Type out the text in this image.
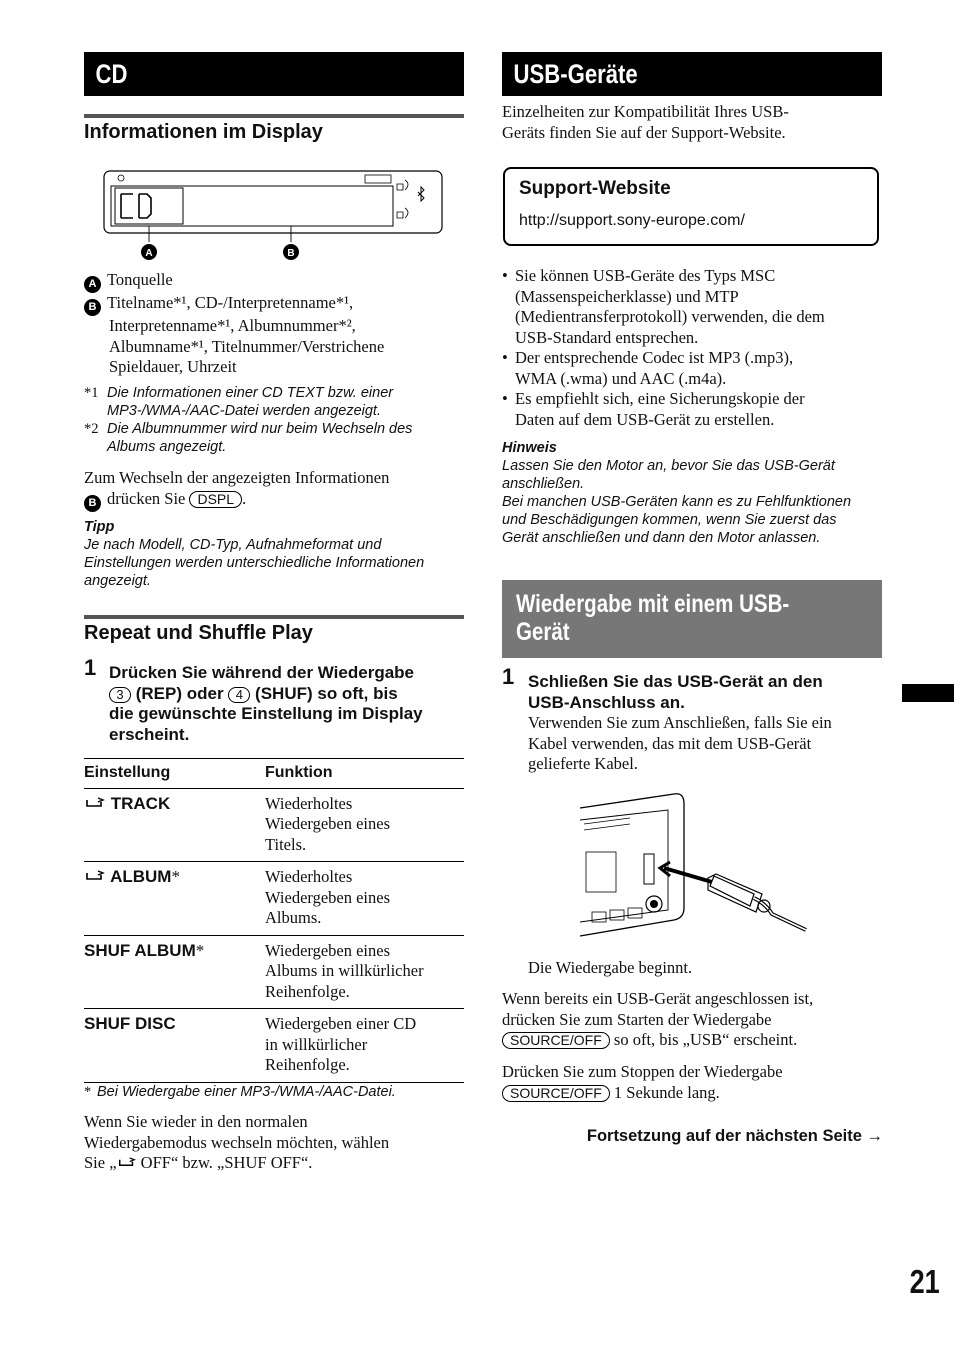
CD
Informationen im Display
A	B
A Tonquelle
B Titelname*¹, CD-/Interpretenname*¹,
Interpretenname*¹, Albumnummer*²,
Albumname*¹, Titelnummer/Verstrichene
Spieldauer, Uhrzeit
*1 Die Informationen einer CD TEXT bzw. einer
MP3-/WMA-/AAC-Datei werden angezeigt.
*2 Die Albumnummer wird nur beim Wechseln des
Albums angezeigt.
Zum Wechseln der angezeigten Informationen
B drücken Sie DSPL .
Tipp
Je nach Modell, CD-Typ, Aufnahmeformat und
Einstellungen werden unterschiedliche Informationen
angezeigt.
Repeat und Shuffle Play
1 Drücken Sie während der Wiedergabe
3 (REP) oder 4 (SHUF) so oft, bis
die gewünschte Einstellung im Display
erscheint.
Einstellung	Funktion
TRACK	Wiederholtes
Wiedergeben eines
Titels.

ALBUM*	Wiederholtes
Wiedergeben eines
Albums.

SHUF ALBUM*	Wiedergeben eines
Albums in willkürlicher
Reihenfolge.

SHUF DISC	Wiedergeben einer CD
in willkürlicher
Reihenfolge.
* Bei Wiedergabe einer MP3-/WMA-/AAC-Datei.
Wenn Sie wieder in den normalen
Wiedergabemodus wechseln möchten, wählen
Sie „ OFF“ bzw. „SHUF OFF“.
USB-Geräte
Einzelheiten zur Kompatibilität Ihres USB-
Geräts finden Sie auf der Support-Website.
Support-Website
http://support.sony-europe.com/
• Sie können USB-Geräte des Typs MSC
(Massenspeicherklasse) und MTP
(Medientransferprotokoll) verwenden, die dem
USB-Standard entsprechen.
• Der entsprechende Codec ist MP3 (.mp3),
WMA (.wma) und AAC (.m4a).
• Es empfiehlt sich, eine Sicherungskopie der
Daten auf dem USB-Gerät zu erstellen.
Hinweis
Lassen Sie den Motor an, bevor Sie das USB-Gerät
anschließen.
Bei manchen USB-Geräten kann es zu Fehlfunktionen
und Beschädigungen kommen, wenn Sie zuerst das
Gerät anschließen und dann den Motor anlassen.
Wiedergabe mit einem USB-
Gerät
1 Schließen Sie das USB-Gerät an den
USB-Anschluss an.
Verwenden Sie zum Anschließen, falls Sie ein
Kabel verwenden, das mit dem USB-Gerät
gelieferte Kabel.
Die Wiedergabe beginnt.
Wenn bereits ein USB-Gerät angeschlossen ist,
drücken Sie zum Starten der Wiedergabe
SOURCE/OFF so oft, bis „USB“ erscheint.
Drücken Sie zum Stoppen der Wiedergabe
SOURCE/OFF 1 Sekunde lang.
Fortsetzung auf der nächsten Seite →
21
